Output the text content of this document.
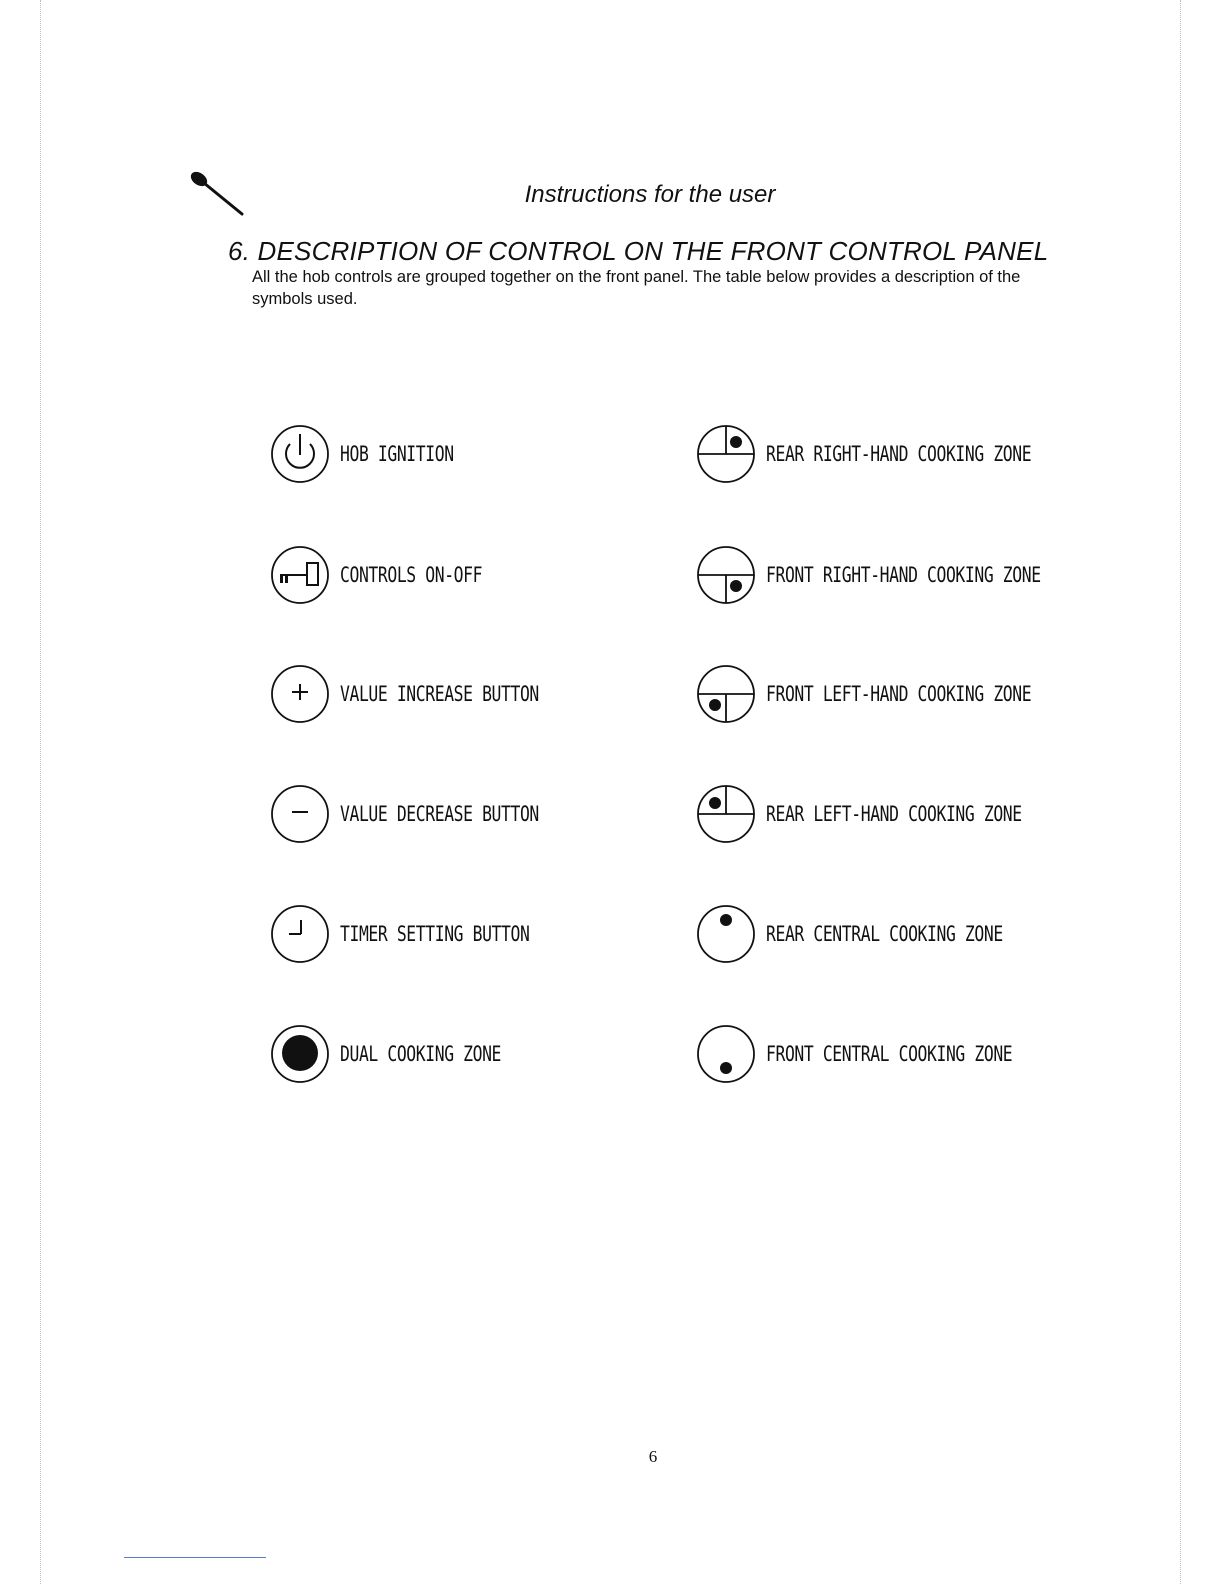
Instructions for the user
6. DESCRIPTION OF CONTROL ON THE FRONT CONTROL PANEL
All the hob controls are grouped together on the front panel. The table below provides a description of the symbols used.
HOB IGNITION
CONTROLS ON-OFF
VALUE INCREASE BUTTON
VALUE DECREASE BUTTON
TIMER SETTING BUTTON
DUAL COOKING ZONE
REAR RIGHT-HAND COOKING ZONE
FRONT RIGHT-HAND COOKING ZONE
FRONT LEFT-HAND COOKING ZONE
REAR LEFT-HAND COOKING ZONE
REAR CENTRAL COOKING ZONE
FRONT CENTRAL COOKING ZONE
6
